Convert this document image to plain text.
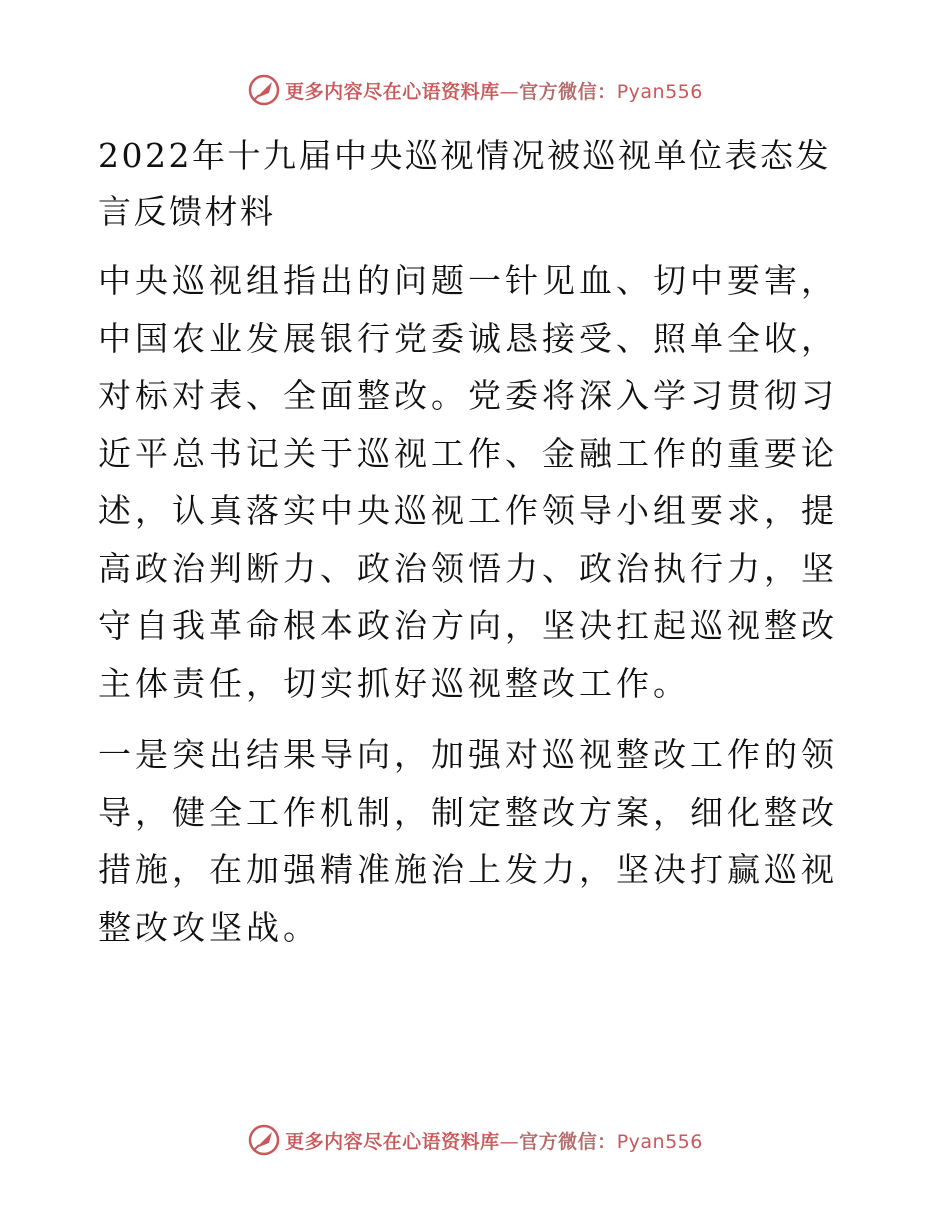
更多内容尽在心语资料库—官方微信：Pyan556
2022年十九届中央巡视情况被巡视单位表态发言反馈材料

中央巡视组指出的问题一针见血、切中要害，中国农业发展银行党委诚恳接受、照单全收，对标对表、全面整改。党委将深入学习贯彻习近平总书记关于巡视工作、金融工作的重要论述，认真落实中央巡视工作领导小组要求，提高政治判断力、政治领悟力、政治执行力，坚守自我革命根本政治方向，坚决扛起巡视整改主体责任，切实抓好巡视整改工作。

一是突出结果导向，加强对巡视整改工作的领导，健全工作机制，制定整改方案，细化整改措施，在加强精准施治上发力，坚决打赢巡视整改攻坚战。

更多内容尽在心语资料库—官方微信：Pyan556
